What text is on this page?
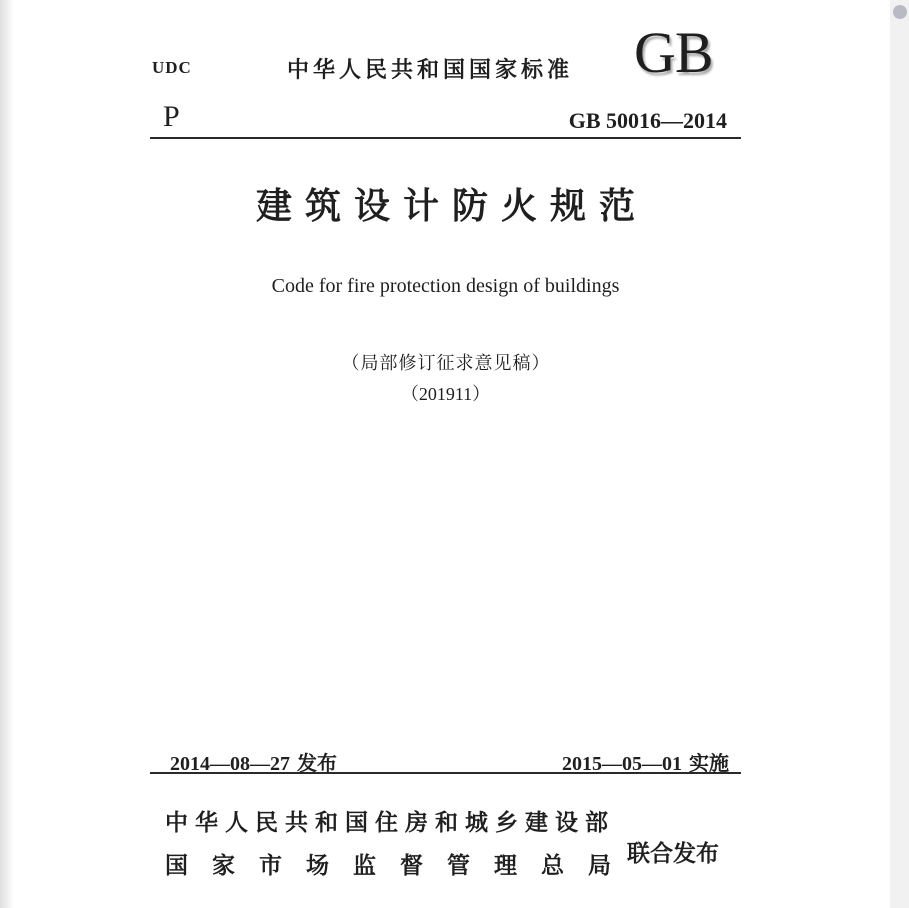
UDC	中华人民共和国国家标准	GB
P	GB 50016—2014
建筑设计防火规范
Code for fire protection design of buildings
（局部修订征求意见稿）
（201911）
2014—08—27 发布	2015—05—01 实施
中华人民共和国住房和城乡建设部
国家市场监督管理总局
联合发布
